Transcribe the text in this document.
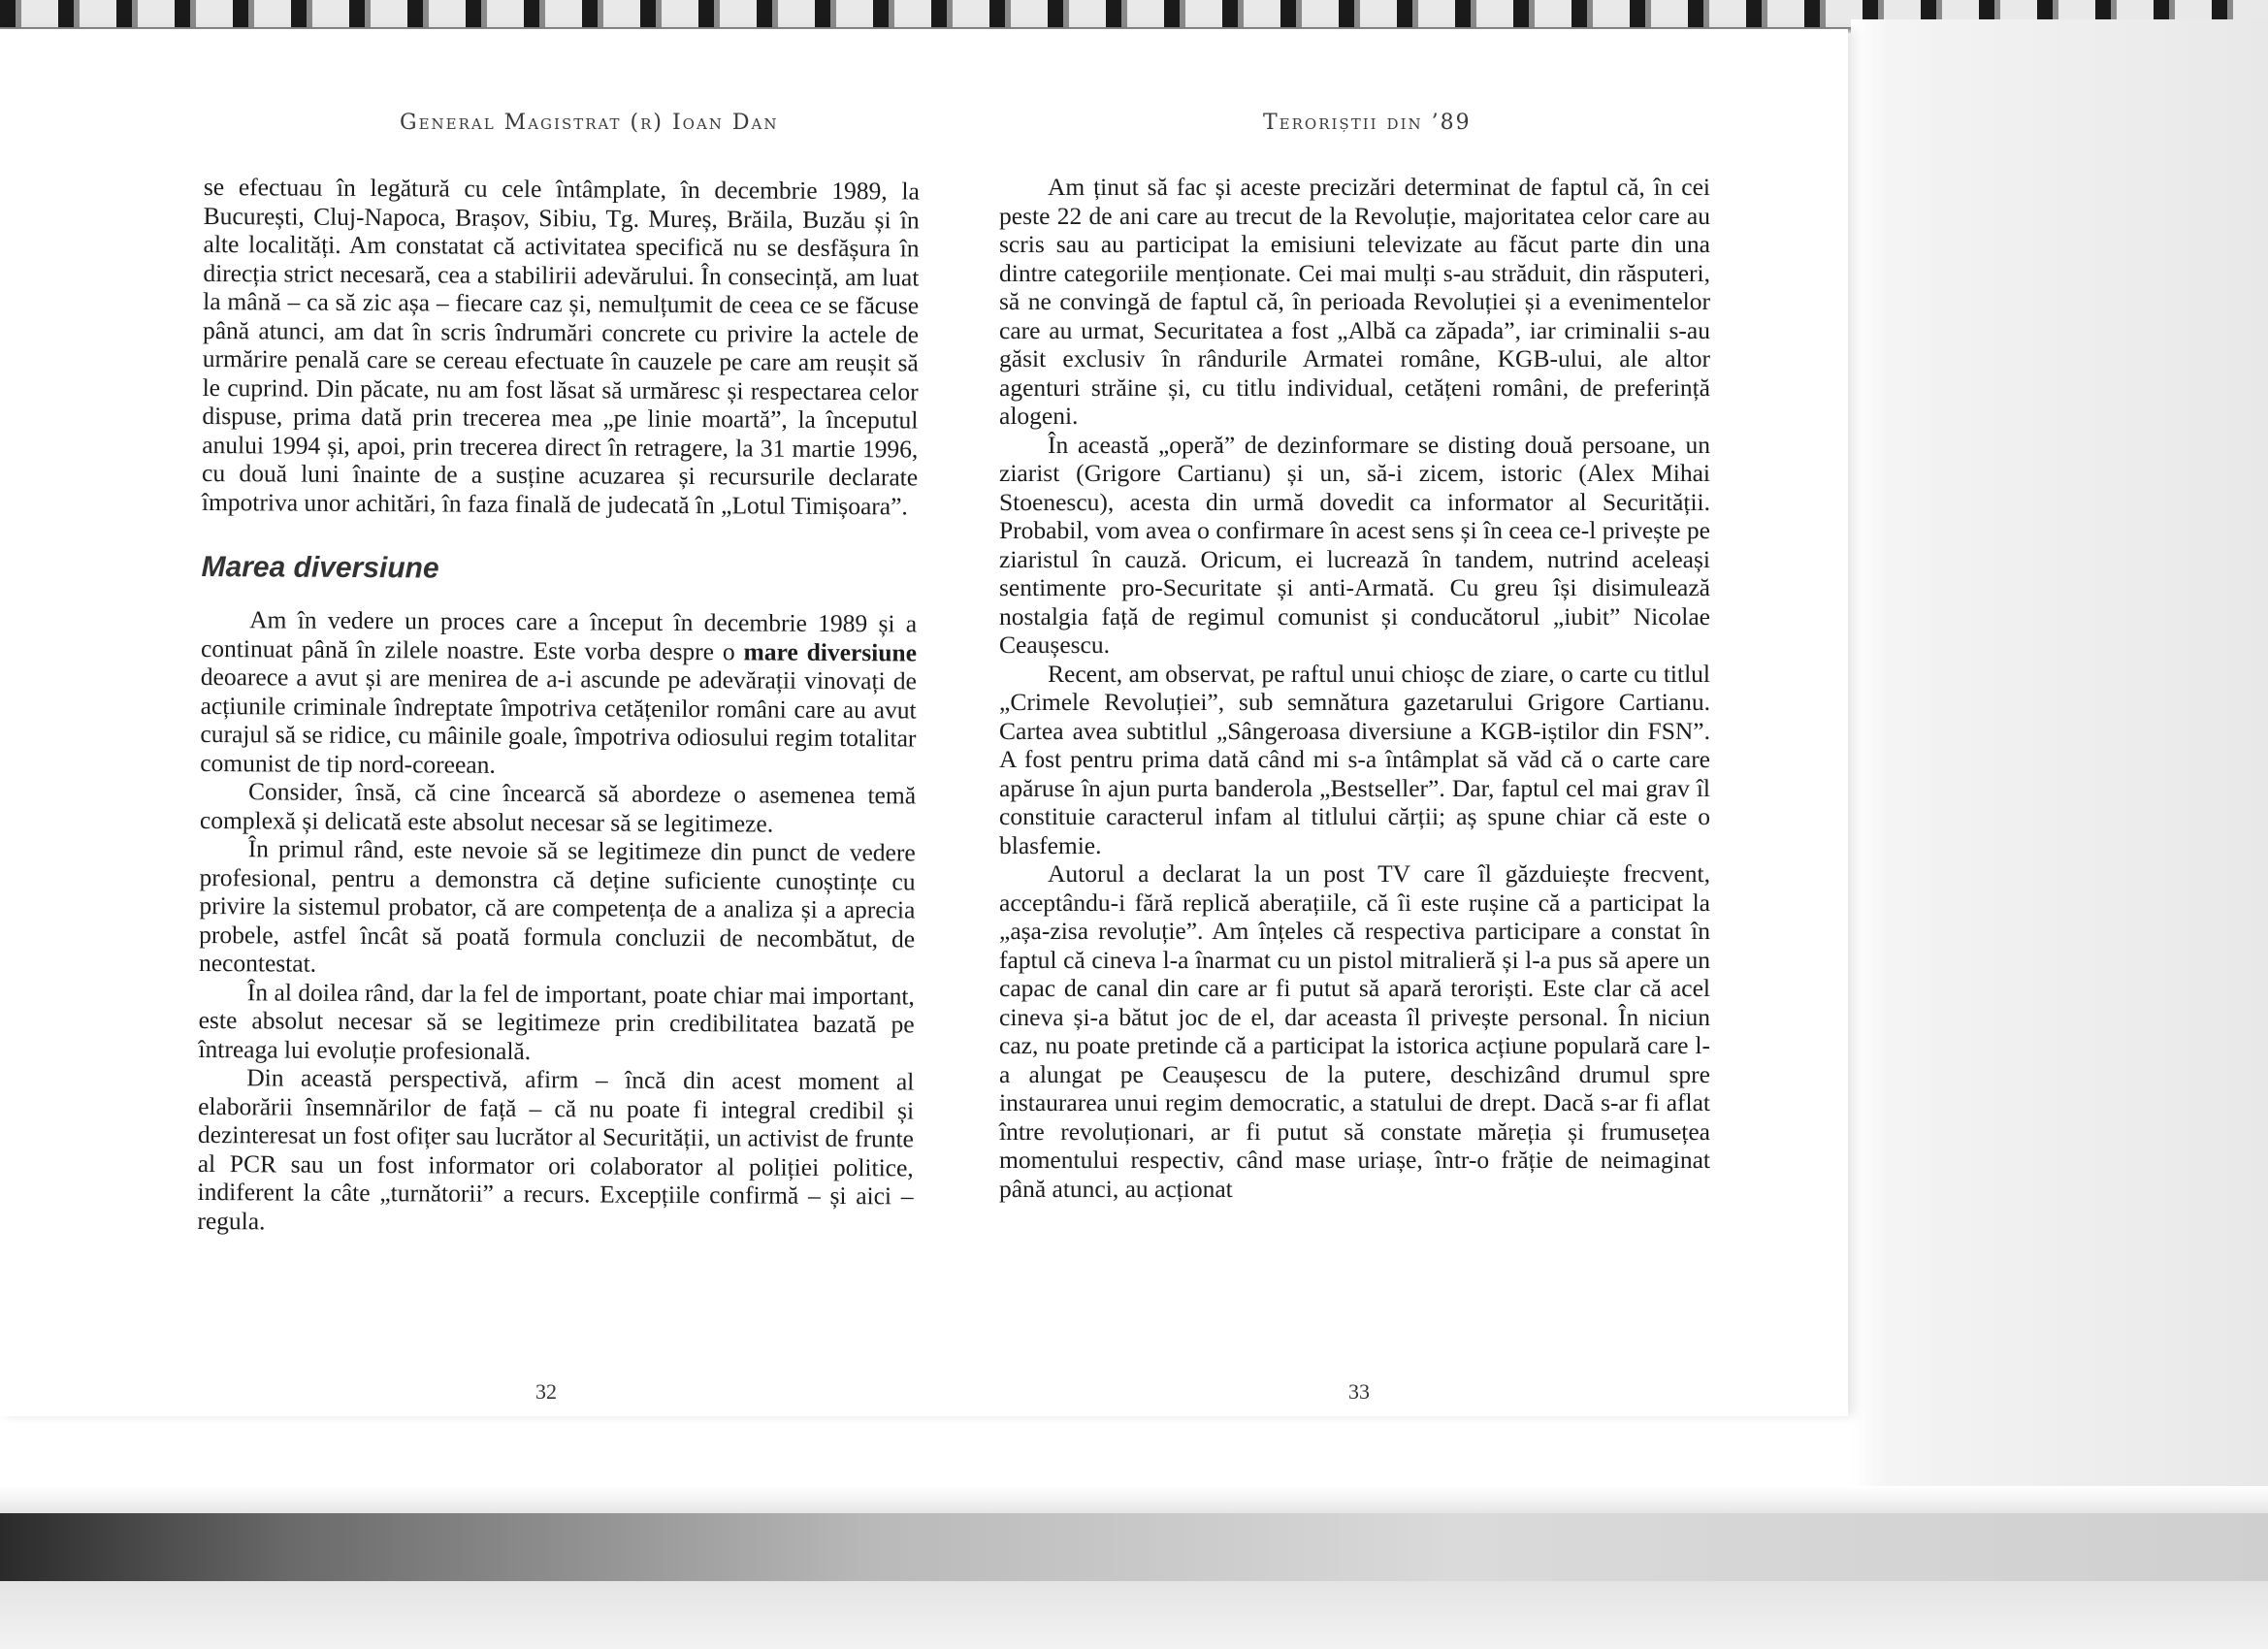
General Magistrat (r) Ioan Dan	Teroriștii din ’89

se efectuau în legătură cu cele întâmplate, în decembrie 1989, la București, Cluj-Napoca, Brașov, Sibiu, Tg. Mureș, Brăila, Buzău și în alte localități. Am constatat că activitatea specifică nu se desfășura în direcția strict necesară, cea a stabilirii adevărului. În consecință, am luat la mână – ca să zic așa – fiecare caz și, nemulțumit de ceea ce se făcuse până atunci, am dat în scris îndrumări concrete cu privire la actele de urmărire penală care se cereau efectuate în cauzele pe care am reușit să le cuprind. Din păcate, nu am fost lăsat să urmăresc și respectarea celor dispuse, prima dată prin trecerea mea „pe linie moartă”, la începutul anului 1994 și, apoi, prin trecerea direct în retragere, la 31 martie 1996, cu două luni înainte de a susține acuzarea și recursurile declarate împotriva unor achitări, în faza finală de judecată în „Lotul Timișoara”.

Marea diversiune

Am în vedere un proces care a început în decembrie 1989 și a continuat până în zilele noastre. Este vorba despre o mare diversiune deoarece a avut și are menirea de a-i ascunde pe adevărații vinovați de acțiunile criminale îndreptate împotriva cetățenilor români care au avut curajul să se ridice, cu mâinile goale, împotriva odiosului regim totalitar comunist de tip nord-coreean.

Consider, însă, că cine încearcă să abordeze o asemenea temă complexă și delicată este absolut necesar să se legitimeze.

În primul rând, este nevoie să se legitimeze din punct de vedere profesional, pentru a demonstra că deține suficiente cunoștințe cu privire la sistemul probator, că are competența de a analiza și a aprecia probele, astfel încât să poată formula concluzii de necombătut, de necontestat.

În al doilea rând, dar la fel de important, poate chiar mai important, este absolut necesar să se legitimeze prin credibilitatea bazată pe întreaga lui evoluție profesională.

Din această perspectivă, afirm – încă din acest moment al elaborării însemnărilor de față – că nu poate fi integral credibil și dezinteresat un fost ofițer sau lucrător al Securității, un activist de frunte al PCR sau un fost informator ori colaborator al poliției politice, indiferent la câte „turnătorii” a recurs. Excepțiile confirmă – și aici – regula.

Am ținut să fac și aceste precizări determinat de faptul că, în cei peste 22 de ani care au trecut de la Revoluție, majoritatea celor care au scris sau au participat la emisiuni televizate au făcut parte din una dintre categoriile menționate. Cei mai mulți s-au străduit, din răsputeri, să ne convingă de faptul că, în perioada Revoluției și a evenimentelor care au urmat, Securitatea a fost „Albă ca zăpada”, iar criminalii s-au găsit exclusiv în rândurile Armatei române, KGB-ului, ale altor agenturi străine și, cu titlu individual, cetățeni români, de preferință alogeni.

În această „operă” de dezinformare se disting două persoane, un ziarist (Grigore Cartianu) și un, să-i zicem, istoric (Alex Mihai Stoenescu), acesta din urmă dovedit ca informator al Securității. Probabil, vom avea o confirmare în acest sens și în ceea ce-l privește pe ziaristul în cauză. Oricum, ei lucrează în tandem, nutrind aceleași sentimente pro-Securitate și anti-Armată. Cu greu își disimulează nostalgia față de regimul comunist și conducătorul „iubit” Nicolae Ceaușescu.

Recent, am observat, pe raftul unui chioșc de ziare, o carte cu titlul „Crimele Revoluției”, sub semnătura gazetarului Grigore Cartianu. Cartea avea subtitlul „Sângeroasa diversiune a KGB-iștilor din FSN”. A fost pentru prima dată când mi s-a întâmplat să văd că o carte care apăruse în ajun purta banderola „Bestseller”. Dar, faptul cel mai grav îl constituie caracterul infam al titlului cărții; aș spune chiar că este o blasfemie.

Autorul a declarat la un post TV care îl găzduiește frecvent, acceptându-i fără replică aberațiile, că îi este rușine că a participat la „așa-zisa revoluție”. Am înțeles că respectiva participare a constat în faptul că cineva l-a înarmat cu un pistol mitralieră și l-a pus să apere un capac de canal din care ar fi putut să apară teroriști. Este clar că acel cineva și-a bătut joc de el, dar aceasta îl privește personal. În niciun caz, nu poate pretinde că a participat la istorica acțiune populară care l-a alungat pe Ceaușescu de la putere, deschizând drumul spre instaurarea unui regim democratic, a statului de drept. Dacă s-ar fi aflat între revoluționari, ar fi putut să constate măreția și frumusețea momentului respectiv, când mase uriașe, într-o frăție de neimaginat până atunci, au acționat

32	33
